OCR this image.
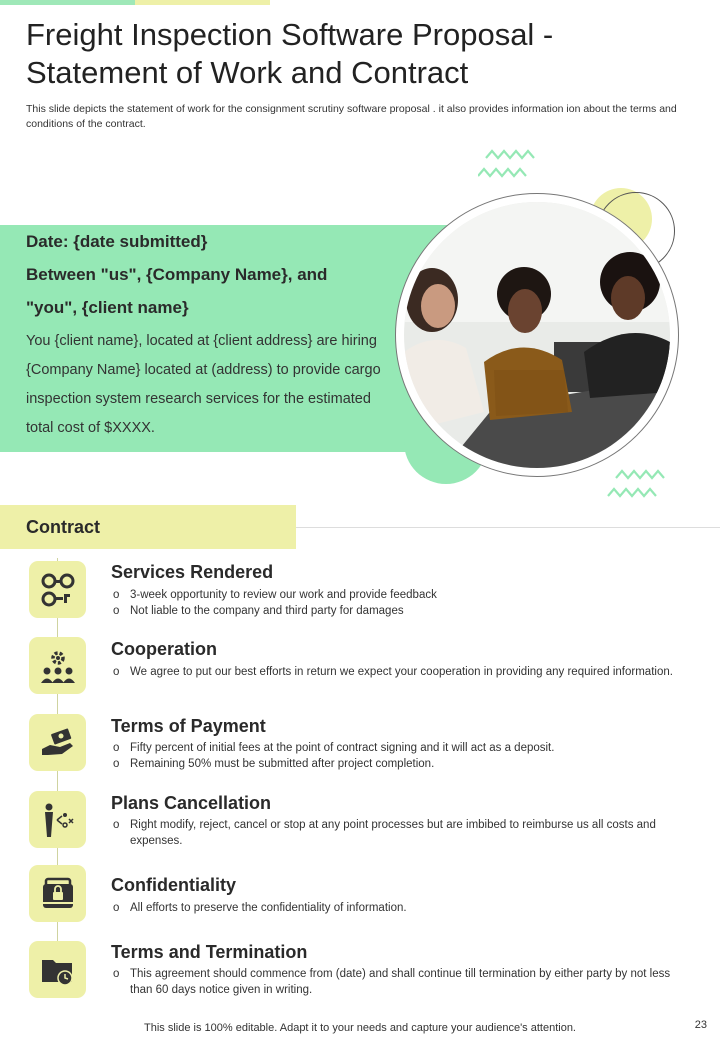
Freight Inspection Software Proposal -
Statement of Work and Contract
This slide depicts the statement of work for the consignment scrutiny software proposal . it also provides information ion about the terms and conditions of the contract.
Date: {date submitted}
Between "us", {Company Name}, and
"you", {client name}
You {client name}, located at {client address} are hiring {Company Name} located at (address) to provide cargo inspection system research services for the estimated total cost of $XXXX.
Contract
Services Rendered
o 3-week opportunity to review our work and provide feedback
o Not liable to the company and third party for damages
Cooperation
o We agree to put our best efforts in return we expect your cooperation in providing any required information.
Terms of Payment
o Fifty percent of initial fees at the point of contract signing and it will act as a deposit.
o Remaining 50% must be submitted after project completion.
Plans Cancellation
o Right modify, reject, cancel or stop at any point processes but are imbibed to reimburse us all costs and expenses.
Confidentiality
o All efforts to preserve the confidentiality of information.
Terms and Termination
o This agreement should commence from (date) and shall continue till termination by either party by not less than 60 days notice given in writing.
This slide is 100% editable. Adapt it to your needs and capture your audience's attention.	23
